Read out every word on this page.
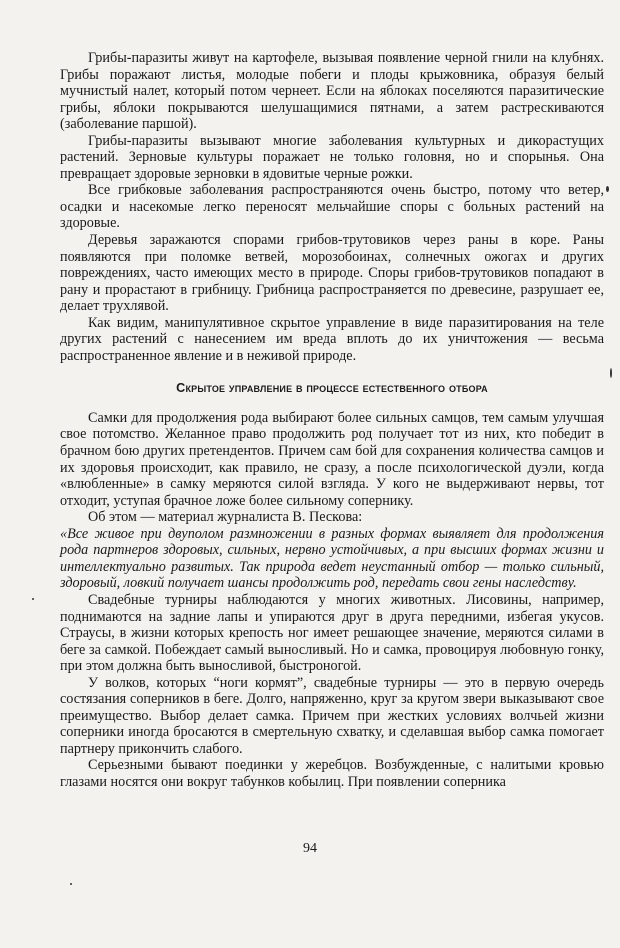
Грибы-паразиты живут на картофеле, вызывая появление черной гнили на клубнях. Грибы поражают листья, молодые побеги и плоды крыжовника, образуя белый мучнистый налет, который потом чернеет. Если на яблоках поселяются паразитические грибы, яблоки покрываются шелушащимися пятнами, а затем растрескиваются (заболевание паршой).

Грибы-паразиты вызывают многие заболевания культурных и дикорастущих растений. Зерновые культуры поражает не только головня, но и спорынья. Она превращает здоровые зерновки в ядовитые черные рожки.

Все грибковые заболевания распространяются очень быстро, потому что ветер, осадки и насекомые легко переносят мельчайшие споры с больных растений на здоровые.

Деревья заражаются спорами грибов-трутовиков через раны в коре. Раны появляются при поломке ветвей, морозобоинах, солнечных ожогах и других повреждениях, часто имеющих место в природе. Споры грибов-трутовиков попадают в рану и прорастают в грибницу. Грибница распространяется по древесине, разрушает ее, делает трухлявой.

Как видим, манипулятивное скрытое управление в виде паразитирования на теле других растений с нанесением им вреда вплоть до их уничтожения — весьма распространенное явление и в неживой природе.

Скрытое управление в процессе естественного отбора

Самки для продолжения рода выбирают более сильных самцов, тем самым улучшая свое потомство. Желанное право продолжить род получает тот из них, кто победит в брачном бою других претендентов. Причем сам бой для сохранения количества самцов и их здоровья происходит, как правило, не сразу, а после психологической дуэли, когда «влюбленные» в самку меряются силой взгляда. У кого не выдерживают нервы, тот отходит, уступая брачное ложе более сильному сопернику.

Об этом — материал журналиста В. Пескова:

«Все живое при двуполом размножении в разных формах выявляет для продолжения рода партнеров здоровых, сильных, нервно устойчивых, а при высших формах жизни и интеллектуально развитых. Так природа ведет неустанный отбор — только сильный, здоровый, ловкий получает шансы продолжить род, передать свои гены наследству.

Свадебные турниры наблюдаются у многих животных. Лисовины, например, поднимаются на задние лапы и упираются друг в друга передними, избегая укусов. Страусы, в жизни которых крепость ног имеет решающее значение, меряются силами в беге за самкой. Побеждает самый выносливый. Но и самка, провоцируя любовную гонку, при этом должна быть выносливой, быстроногой.

У волков, которых “ноги кормят”, свадебные турниры — это в первую очередь состязания соперников в беге. Долго, напряженно, круг за кругом звери выказывают свое преимущество. Выбор делает самка. Причем при жестких условиях волчьей жизни соперники иногда бросаются в смертельную схватку, и сделавшая выбор самка помогает партнеру прикончить слабого.

Серьезными бывают поединки у жеребцов. Возбужденные, с налитыми кровью глазами носятся они вокруг табунков кобылиц. При появлении соперника

94
